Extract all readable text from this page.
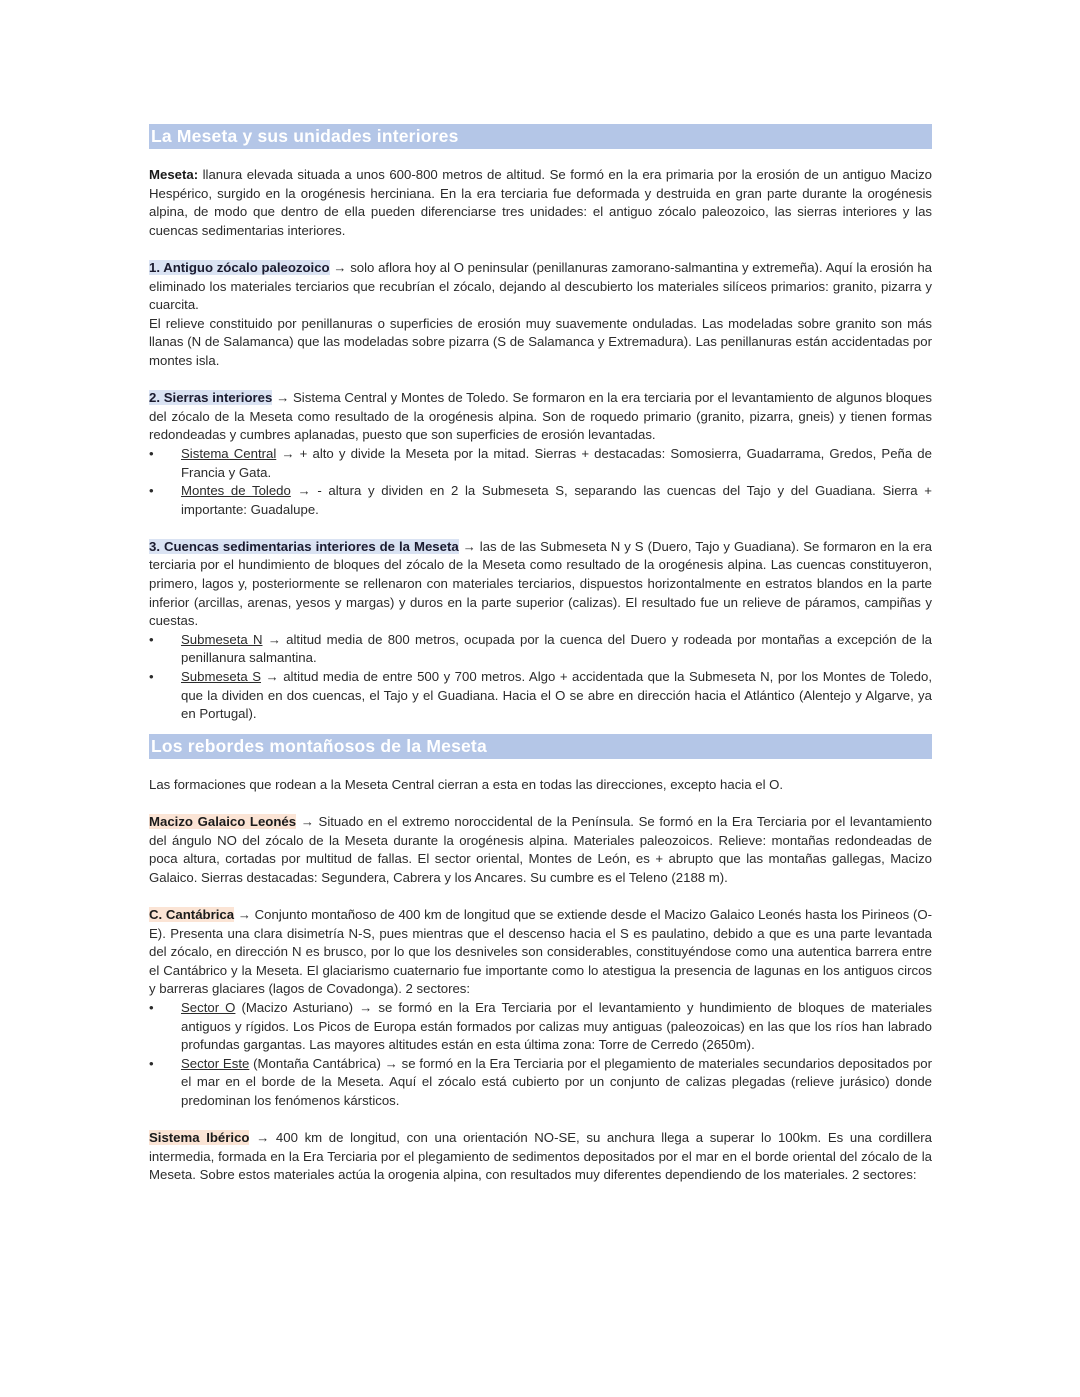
La Meseta y sus unidades interiores

Meseta: llanura elevada situada a unos 600-800 metros de altitud. Se formó en la era primaria por la erosión de un antiguo Macizo Hespérico, surgido en la orogénesis herciniana. En la era terciaria fue deformada y destruida en gran parte durante la orogénesis alpina, de modo que dentro de ella pueden diferenciarse tres unidades: el antiguo zócalo paleozoico, las sierras interiores y las cuencas sedimentarias interiores.

1. Antiguo zócalo paleozoico → solo aflora hoy al O peninsular (penillanuras zamorano-salmantina y extremeña). Aquí la erosión ha eliminado los materiales terciarios que recubrían el zócalo, dejando al descubierto los materiales silíceos primarios: granito, pizarra y cuarcita.

El relieve constituido por penillanuras o superficies de erosión muy suavemente onduladas. Las modeladas sobre granito son más llanas (N de Salamanca) que las modeladas sobre pizarra (S de Salamanca y Extremadura). Las penillanuras están accidentadas por montes isla.

2. Sierras interiores → Sistema Central y Montes de Toledo. Se formaron en la era terciaria por el levantamiento de algunos bloques del zócalo de la Meseta como resultado de la orogénesis alpina. Son de roquedo primario (granito, pizarra, gneis) y tienen formas redondeadas y cumbres aplanadas, puesto que son superficies de erosión levantadas.

• Sistema Central → + alto y divide la Meseta por la mitad. Sierras + destacadas: Somosierra, Guadarrama, Gredos, Peña de Francia y Gata.
• Montes de Toledo → - altura y dividen en 2 la Submeseta S, separando las cuencas del Tajo y del Guadiana. Sierra + importante: Guadalupe.

3. Cuencas sedimentarias interiores de la Meseta → las de las Submeseta N y S (Duero, Tajo y Guadiana). Se formaron en la era terciaria por el hundimiento de bloques del zócalo de la Meseta como resultado de la orogénesis alpina. Las cuencas constituyeron, primero, lagos y, posteriormente se rellenaron con materiales terciarios, dispuestos horizontalmente en estratos blandos en la parte inferior (arcillas, arenas, yesos y margas) y duros en la parte superior (calizas). El resultado fue un relieve de páramos, campiñas y cuestas.

• Submeseta N → altitud media de 800 metros, ocupada por la cuenca del Duero y rodeada por montañas a excepción de la penillanura salmantina.
• Submeseta S → altitud media de entre 500 y 700 metros. Algo + accidentada que la Submeseta N, por los Montes de Toledo, que la dividen en dos cuencas, el Tajo y el Guadiana. Hacia el O se abre en dirección hacia el Atlántico (Alentejo y Algarve, ya en Portugal).
Los rebordes montañosos de la Meseta

Las formaciones que rodean a la Meseta Central cierran a esta en todas las direcciones, excepto hacia el O.

Macizo Galaico Leonés → Situado en el extremo noroccidental de la Península. Se formó en la Era Terciaria por el levantamiento del ángulo NO del zócalo de la Meseta durante la orogénesis alpina. Materiales paleozoicos. Relieve: montañas redondeadas de poca altura, cortadas por multitud de fallas. El sector oriental, Montes de León, es + abrupto que las montañas gallegas, Macizo Galaico. Sierras destacadas: Segundera, Cabrera y los Ancares. Su cumbre es el Teleno (2188 m).

C. Cantábrica → Conjunto montañoso de 400 km de longitud que se extiende desde el Macizo Galaico Leonés hasta los Pirineos (O-E). Presenta una clara disimetría N-S, pues mientras que el descenso hacia el S es paulatino, debido a que es una parte levantada del zócalo, en dirección N es brusco, por lo que los desniveles son considerables, constituyéndose como una autentica barrera entre el Cantábrico y la Meseta. El glaciarismo cuaternario fue importante como lo atestigua la presencia de lagunas en los antiguos circos y barreras glaciares (lagos de Covadonga). 2 sectores:

• Sector O (Macizo Asturiano) → se formó en la Era Terciaria por el levantamiento y hundimiento de bloques de materiales antiguos y rígidos. Los Picos de Europa están formados por calizas muy antiguas (paleozoicas) en las que los ríos han labrado profundas gargantas. Las mayores altitudes están en esta última zona: Torre de Cerredo (2650m).
• Sector Este (Montaña Cantábrica) → se formó en la Era Terciaria por el plegamiento de materiales secundarios depositados por el mar en el borde de la Meseta. Aquí el zócalo está cubierto por un conjunto de calizas plegadas (relieve jurásico) donde predominan los fenómenos kársticos.

Sistema Ibérico → 400 km de longitud, con una orientación NO-SE, su anchura llega a superar lo 100km. Es una cordillera intermedia, formada en la Era Terciaria por el plegamiento de sedimentos depositados por el mar en el borde oriental del zócalo de la Meseta. Sobre estos materiales actúa la orogenia alpina, con resultados muy diferentes dependiendo de los materiales. 2 sectores:
